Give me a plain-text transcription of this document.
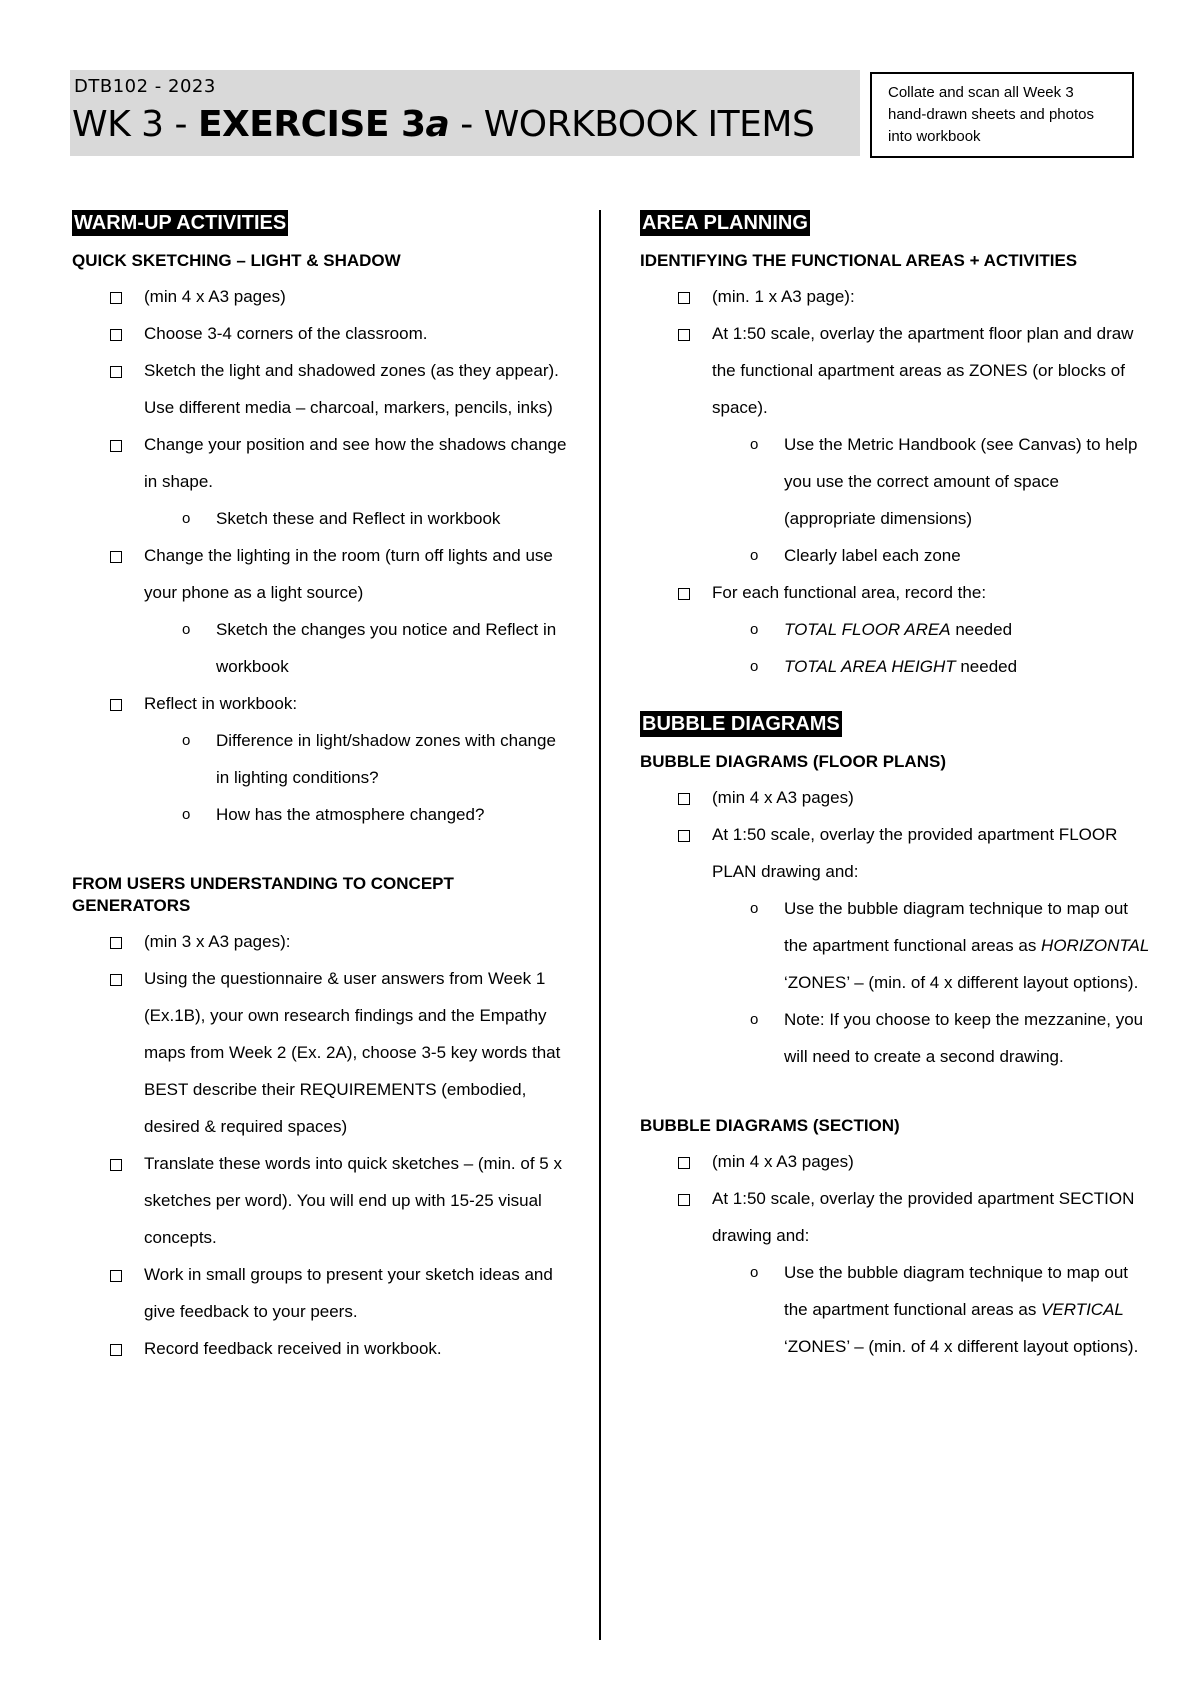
DTB102 - 2023
WK 3 - EXERCISE 3a - WORKBOOK ITEMS
Collate and scan all Week 3 hand-drawn sheets and photos into workbook
WARM-UP ACTIVITIES
QUICK SKETCHING – LIGHT & SHADOW
(min 4 x A3 pages)
Choose 3-4 corners of the classroom.
Sketch the light and shadowed zones (as they appear). Use different media – charcoal, markers, pencils, inks)
Change your position and see how the shadows change in shape.
o Sketch these and Reflect in workbook
Change the lighting in the room (turn off lights and use your phone as a light source)
o Sketch the changes you notice and Reflect in workbook
Reflect in workbook:
o Difference in light/shadow zones with change in lighting conditions?
o How has the atmosphere changed?
FROM USERS UNDERSTANDING TO CONCEPT GENERATORS
(min 3 x A3 pages):
Using the questionnaire & user answers from Week 1 (Ex.1B), your own research findings and the Empathy maps from Week 2 (Ex. 2A), choose 3-5 key words that BEST describe their REQUIREMENTS (embodied, desired & required spaces)
Translate these words into quick sketches – (min. of 5 x sketches per word). You will end up with 15-25 visual concepts.
Work in small groups to present your sketch ideas and give feedback to your peers.
Record feedback received in workbook.
AREA PLANNING
IDENTIFYING THE FUNCTIONAL AREAS + ACTIVITIES
(min. 1 x A3 page):
At 1:50 scale, overlay the apartment floor plan and draw the functional apartment areas as ZONES (or blocks of space).
o Use the Metric Handbook (see Canvas) to help you use the correct amount of space (appropriate dimensions)
o Clearly label each zone
For each functional area, record the:
o TOTAL FLOOR AREA needed
o TOTAL AREA HEIGHT needed
BUBBLE DIAGRAMS
BUBBLE DIAGRAMS (FLOOR PLANS)
(min 4 x A3 pages)
At 1:50 scale, overlay the provided apartment FLOOR PLAN drawing and:
o Use the bubble diagram technique to map out the apartment functional areas as HORIZONTAL ‘ZONES’ – (min. of 4 x different layout options).
o Note: If you choose to keep the mezzanine, you will need to create a second drawing.
BUBBLE DIAGRAMS (SECTION)
(min 4 x A3 pages)
At 1:50 scale, overlay the provided apartment SECTION drawing and:
o Use the bubble diagram technique to map out the apartment functional areas as VERTICAL ‘ZONES’ – (min. of 4 x different layout options).
